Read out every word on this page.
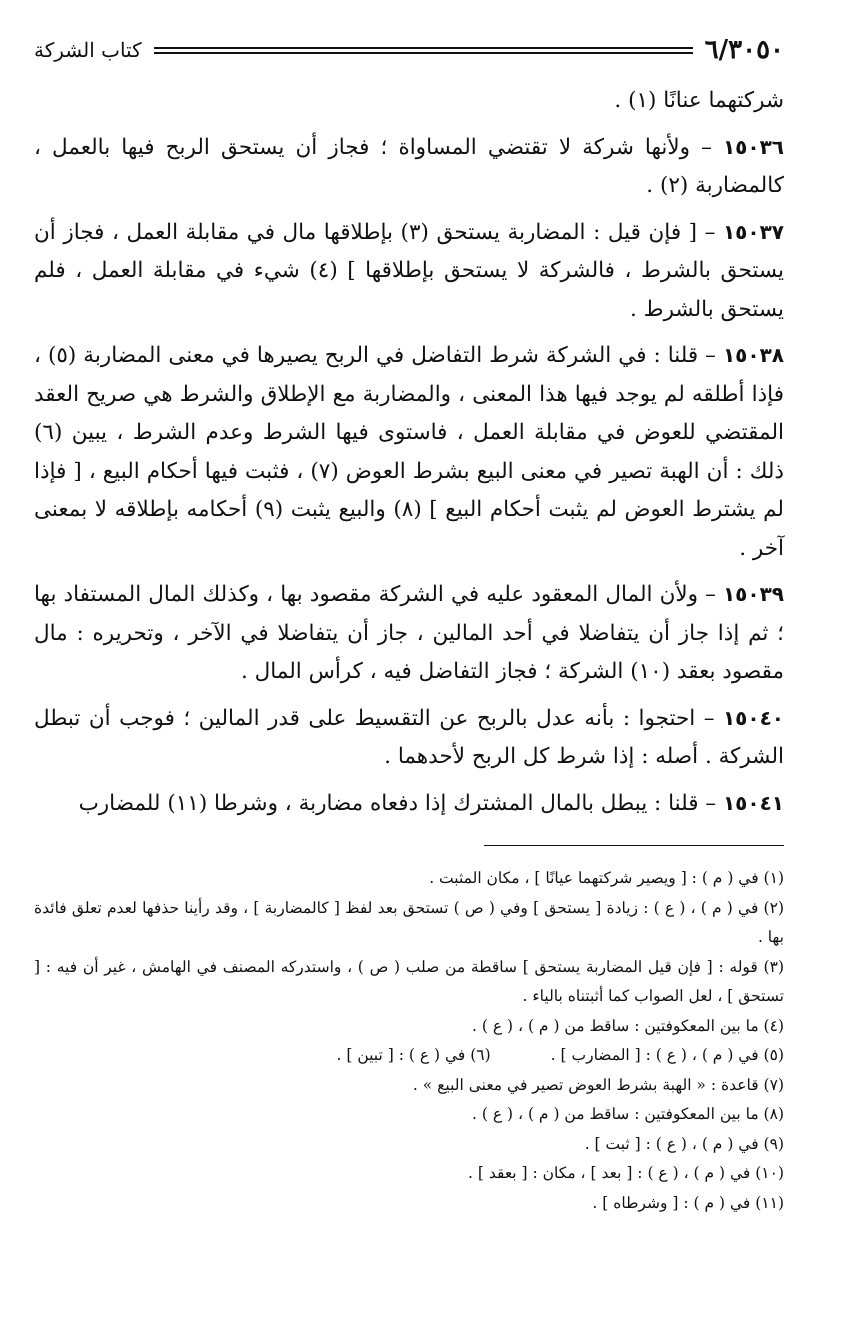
٦/٣٠٥٠
كتاب الشركة

شركتهما عنانًا (١) .

١٥٠٣٦ – ولأنها شركة لا تقتضي المساواة ؛ فجاز أن يستحق الربح فيها بالعمل ، كالمضاربة (٢) .

١٥٠٣٧ – [ فإن قيل : المضاربة يستحق (٣) بإطلاقها مال في مقابلة العمل ، فجاز أن يستحق بالشرط ، فالشركة لا يستحق بإطلاقها ] (٤) شيء في مقابلة العمل ، فلم يستحق بالشرط .

١٥٠٣٨ – قلنا : في الشركة شرط التفاضل في الربح يصيرها في معنى المضاربة (٥) ، فإذا أطلقه لم يوجد فيها هذا المعنى ، والمضاربة مع الإطلاق والشرط هي صريح العقد المقتضي للعوض في مقابلة العمل ، فاستوى فيها الشرط وعدم الشرط ، يبين (٦) ذلك : أن الهبة تصير في معنى البيع بشرط العوض (٧) ، فثبت فيها أحكام البيع ، [ فإذا لم يشترط العوض لم يثبت أحكام البيع ] (٨) والبيع يثبت (٩) أحكامه بإطلاقه لا بمعنى آخر .

١٥٠٣٩ – ولأن المال المعقود عليه في الشركة مقصود بها ، وكذلك المال المستفاد بها ؛ ثم إذا جاز أن يتفاضلا في أحد المالين ، جاز أن يتفاضلا في الآخر ، وتحريره : مال مقصود بعقد (١٠) الشركة ؛ فجاز التفاضل فيه ، كرأس المال .

١٥٠٤٠ – احتجوا : بأنه عدل بالربح عن التقسيط على قدر المالين ؛ فوجب أن تبطل الشركة . أصله : إذا شرط كل الربح لأحدهما .

١٥٠٤١ – قلنا : يبطل بالمال المشترك إذا دفعاه مضاربة ، وشرطا (١١) للمضارب

(١) في ( م ) : [ ويصير شركتهما عيانًا ] ، مكان المثبت .

(٢) في ( م ) ، ( ع ) : زيادة [ يستحق ] وفي ( ص ) تستحق بعد لفظ [ كالمضاربة ] ، وقد رأينا حذفها لعدم تعلق فائدة بها .

(٣) قوله : [ فإن قيل المضاربة يستحق ] ساقطة من صلب ( ص ) ، واستدركه المصنف في الهامش ، غير أن فيه : [ تستحق ] ، لعل الصواب كما أثبتناه بالياء .

(٤) ما بين المعكوفتين : ساقط من ( م ) ، ( ع ) .

(٥) في ( م ) ، ( ع ) : [ المضارب ] .
(٦) في ( ع ) : [ تبين ] .

(٧) قاعدة : « الهبة بشرط العوض تصير في معنى البيع » .

(٨) ما بين المعكوفتين : ساقط من ( م ) ، ( ع ) .

(٩) في ( م ) ، ( ع ) : [ ثبت ] .

(١٠) في ( م ) ، ( ع ) : [ بعد ] ، مكان : [ بعقد ] .

(١١) في ( م ) : [ وشرطاه ] .
